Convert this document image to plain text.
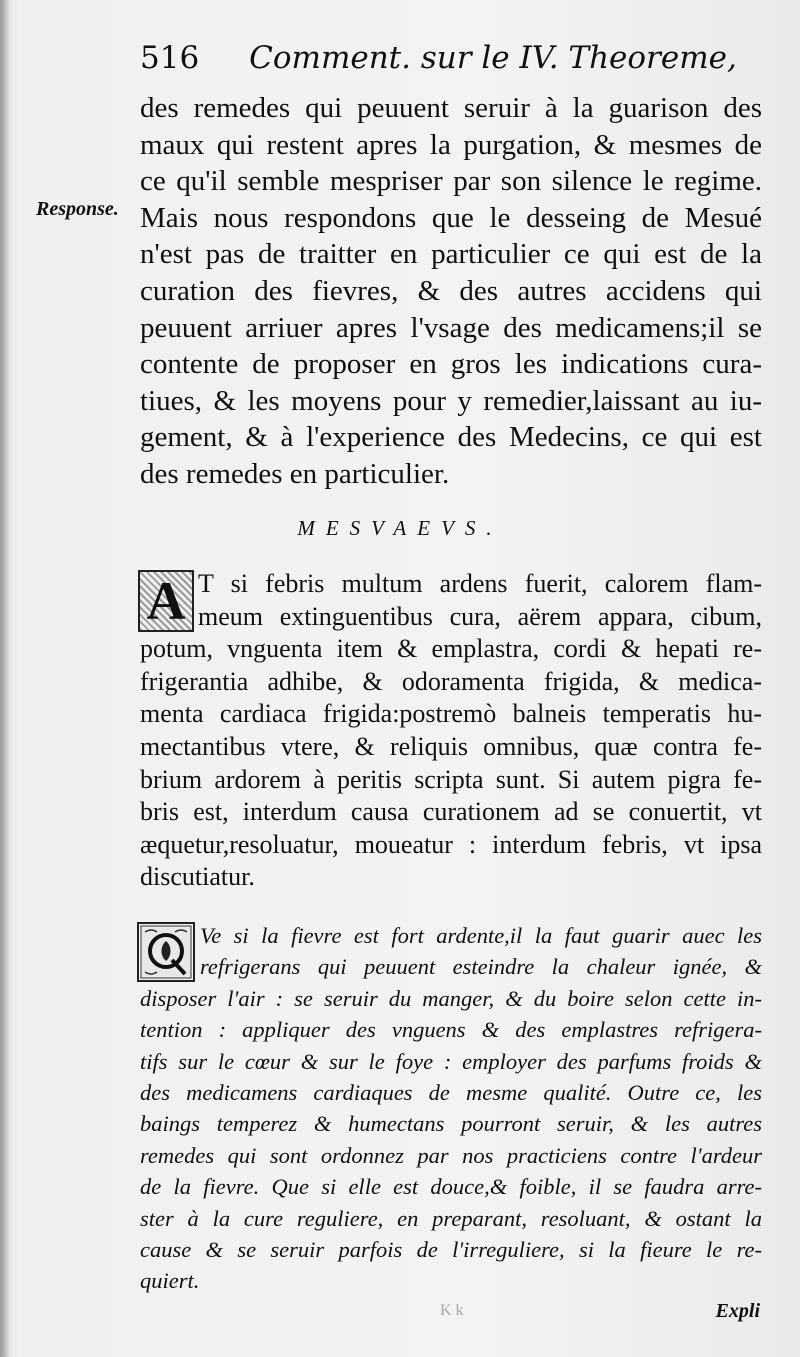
516 Comment. sur le IV. Theoreme,
Response.
des remedes qui peuuent seruir à la guarison des
maux qui restent apres la purgation, & mesmes de
ce qu'il semble mespriser par son silence le regime.
Mais nous respondons que le desseing de Mesué
n'est pas de traitter en particulier ce qui est de la
curation des fievres, & des autres accidens qui
peuuent arriuer apres l'vsage des medicamens;il se
contente de proposer en gros les indications cura-
tiues, & les moyens pour y remedier,laissant au iu-
gement, & à l'experience des Medecins, ce qui est
des remedes en particulier.
MESVAEVS.
A T si febris multum ardens fuerit, calorem flam-
meum extinguentibus cura, aërem appara, cibum,
potum, vnguenta item & emplastra, cordi & hepati re-
frigerantia adhibe, & odoramenta frigida, & medica-
menta cardiaca frigida:postremò balneis temperatis hu-
mectantibus vtere, & reliquis omnibus, quæ contra fe-
brium ardorem à peritis scripta sunt. Si autem pigra fe-
bris est, interdum causa curationem ad se conuertit, vt
æquetur,resoluatur, moueatur : interdum febris, vt ipsa
discutiatur.
Ve si la fievre est fort ardente,il la faut guarir auec les
refrigerans qui peuuent esteindre la chaleur ignée, &
disposer l'air : se seruir du manger, & du boire selon cette in-
tention : appliquer des vnguens & des emplastres refrigera-
tifs sur le cœur & sur le foye : employer des parfums froids &
des medicamens cardiaques de mesme qualité. Outre ce, les
baings temperez & humectans pourront seruir, & les autres
remedes qui sont ordonnez par nos practiciens contre l'ardeur
de la fievre. Que si elle est douce,& foible, il se faudra arre-
ster à la cure reguliere, en preparant, resoluant, & ostant la
cause & se seruir parfois de l'irreguliere, si la fieure le re-
quiert.
K k	Expli
